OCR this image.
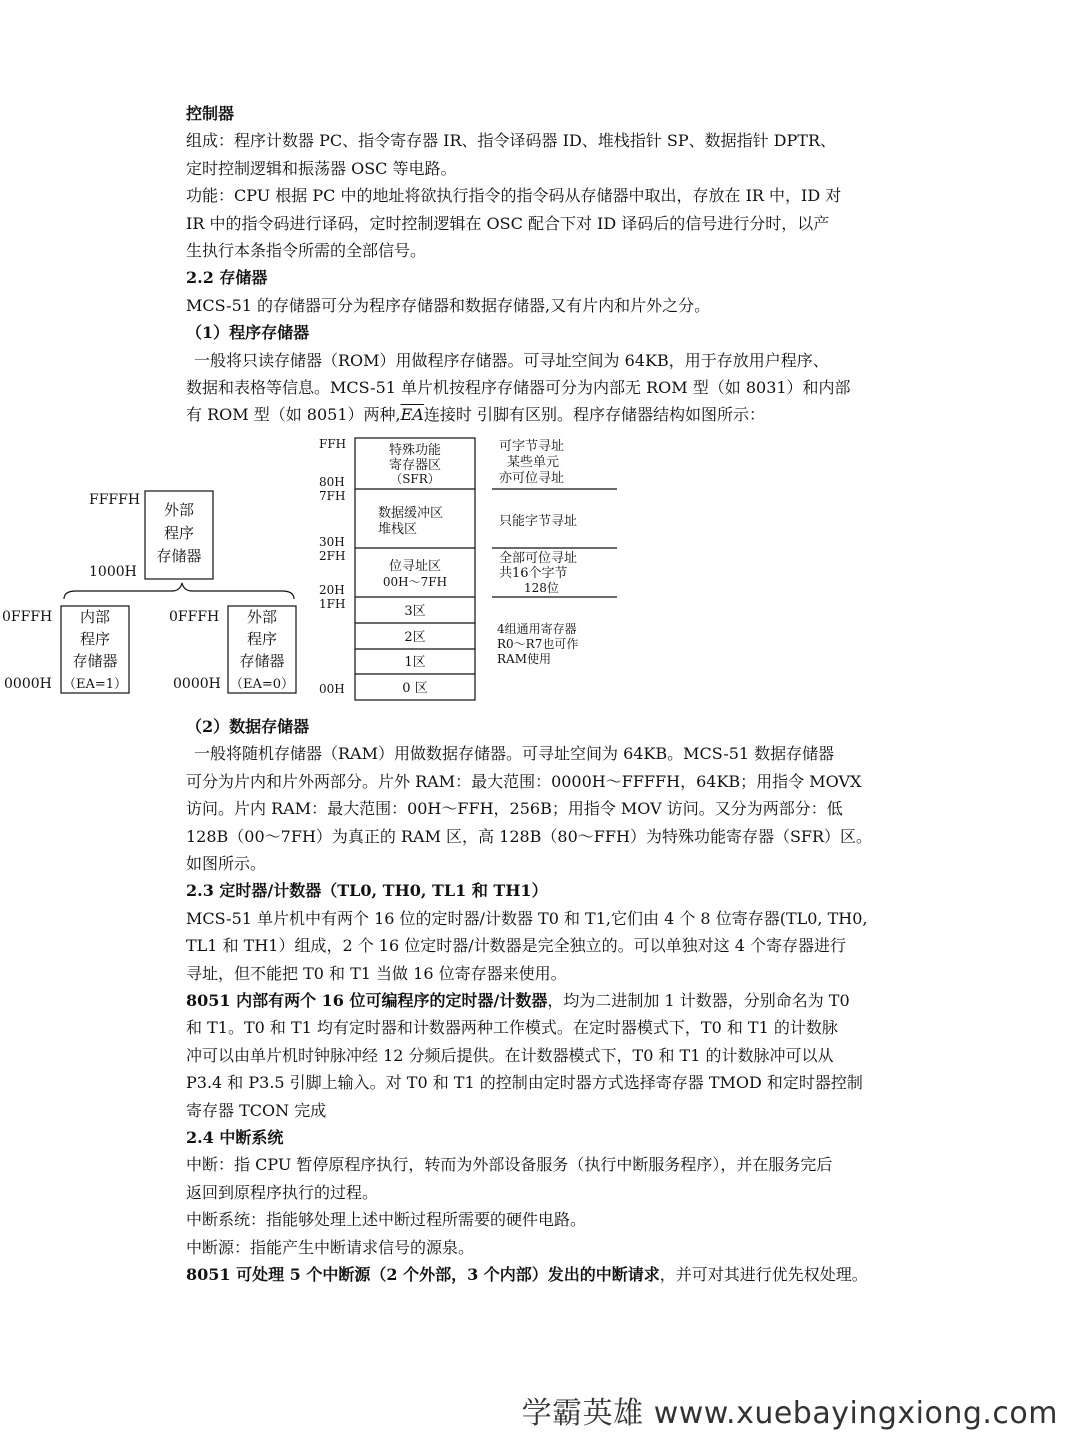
控制器
组成：程序计数器 PC、指令寄存器 IR、指令译码器 ID、堆栈指针 SP、数据指针 DPTR、
定时控制逻辑和振荡器 OSC 等电路。
功能：CPU 根据 PC 中的地址将欲执行指令的指令码从存储器中取出，存放在 IR 中，ID 对
IR 中的指令码进行译码，定时控制逻辑在 OSC 配合下对 ID 译码后的信号进行分时，以产
生执行本条指令所需的全部信号。
2.2 存储器
MCS-51 的存储器可分为程序存储器和数据存储器,又有片内和片外之分。
（1）程序存储器
一般将只读存储器（ROM）用做程序存储器。可寻址空间为 64KB，用于存放用户程序、
数据和表格等信息。MCS-51 单片机按程序存储器可分为内部无 ROM 型（如 8031）和内部
有 ROM 型（如 8051）两种$,\overline{EA}$连接时 引脚有区别。程序存储器结构如图所示：
FFFFH
1000H
外部
程序
存储器
0FFFH
0000H
内部
程序
存储器
（EA=1）
0FFFH
0000H
外部
程序
存储器
（EA=0）
FFH
80H
7FH
30H
2FH
20H
1FH
00H
特殊功能
寄存器区
（SFR）
数据缓冲区
堆栈区
位寻址区
00H～7FH
3区
2区
1区
0 区
可字节寻址
某些单元
亦可位寻址
只能字节寻址
全部可位寻址
共16个字节
128位
4组通用寄存器
R0～R7也可作
RAM使用
（2）数据存储器
一般将随机存储器（RAM）用做数据存储器。可寻址空间为 64KB。MCS-51 数据存储器
可分为片内和片外两部分。片外 RAM：最大范围：0000H～FFFFH，64KB；用指令 MOVX
访问。片内 RAM：最大范围：00H～FFH，256B；用指令 MOV 访问。又分为两部分：低
128B（00～7FH）为真正的 RAM 区，高 128B（80～FFH）为特殊功能寄存器（SFR）区。
如图所示。
2.3 定时器/计数器（TL0, TH0, TL1 和 TH1）
MCS-51 单片机中有两个 16 位的定时器/计数器 T0 和 T1,它们由 4 个 8 位寄存器(TL0, TH0,
TL1 和 TH1）组成，2 个 16 位定时器/计数器是完全独立的。可以单独对这 4 个寄存器进行
寻址，但不能把 T0 和 T1 当做 16 位寄存器来使用。
8051 内部有两个 16 位可编程序的定时器/计数器，均为二进制加 1 计数器，分别命名为 T0
和 T1。T0 和 T1 均有定时器和计数器两种工作模式。在定时器模式下，T0 和 T1 的计数脉
冲可以由单片机时钟脉冲经 12 分频后提供。在计数器模式下，T0 和 T1 的计数脉冲可以从
P3.4 和 P3.5 引脚上输入。对 T0 和 T1 的控制由定时器方式选择寄存器 TMOD 和定时器控制
寄存器 TCON 完成
2.4 中断系统
中断：指 CPU 暂停原程序执行，转而为外部设备服务（执行中断服务程序），并在服务完后
返回到原程序执行的过程。
中断系统：指能够处理上述中断过程所需要的硬件电路。
中断源：指能产生中断请求信号的源泉。
8051 可处理 5 个中断源（2 个外部，3 个内部）发出的中断请求，并可对其进行优先权处理。
学霸英雄 www.xuebayingxiong.com
